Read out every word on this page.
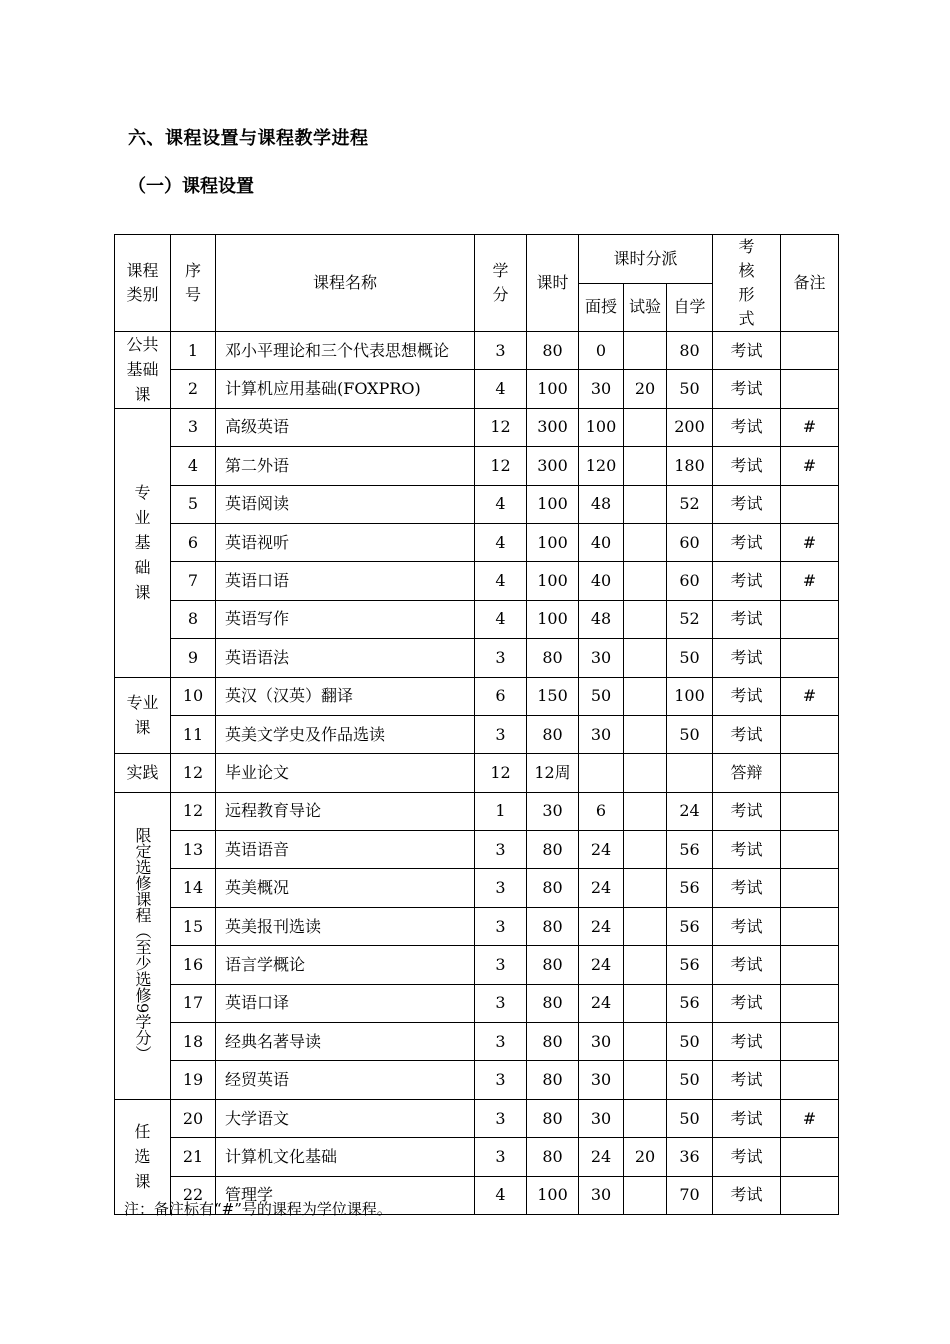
六、课程设置与课程教学进程
（一）课程设置
课程类别	序号	课程名称	学分	课时	课时分派			考核形式	备注
					面授	试验	自学		
公共基础课	1	邓小平理论和三个代表思想概论	3	80	0		80	考试	
	2	计算机应用基础(FOXPRO)	4	100	30	20	50	考试	
专业基础课	3	高级英语	12	300	100		200	考试	#
	4	第二外语	12	300	120		180	考试	#
	5	英语阅读	4	100	48		52	考试	
	6	英语视听	4	100	40		60	考试	#
	7	英语口语	4	100	40		60	考试	#
	8	英语写作	4	100	48		52	考试	
	9	英语语法	3	80	30		50	考试	
专业课	10	英汉（汉英）翻译	6	150	50		100	考试	#
	11	英美文学史及作品选读	3	80	30		50	考试	
实践	12	毕业论文	12	12周				答辩	
限定选修课程（至少选修9学分）	12	远程教育导论	1	30	6		24	考试	
	13	英语语音	3	80	24		56	考试	
	14	英美概况	3	80	24		56	考试	
	15	英美报刊选读	3	80	24		56	考试	
	16	语言学概论	3	80	24		56	考试	
	17	英语口译	3	80	24		56	考试	
	18	经典名著导读	3	80	30		50	考试	
	19	经贸英语	3	80	30		50	考试	
任选课	20	大学语文	3	80	30		50	考试	#
	21	计算机文化基础	3	80	24	20	36	考试	
	22	管理学	4	100	30		70	考试	
注：备注标有“#”号的课程为学位课程。
